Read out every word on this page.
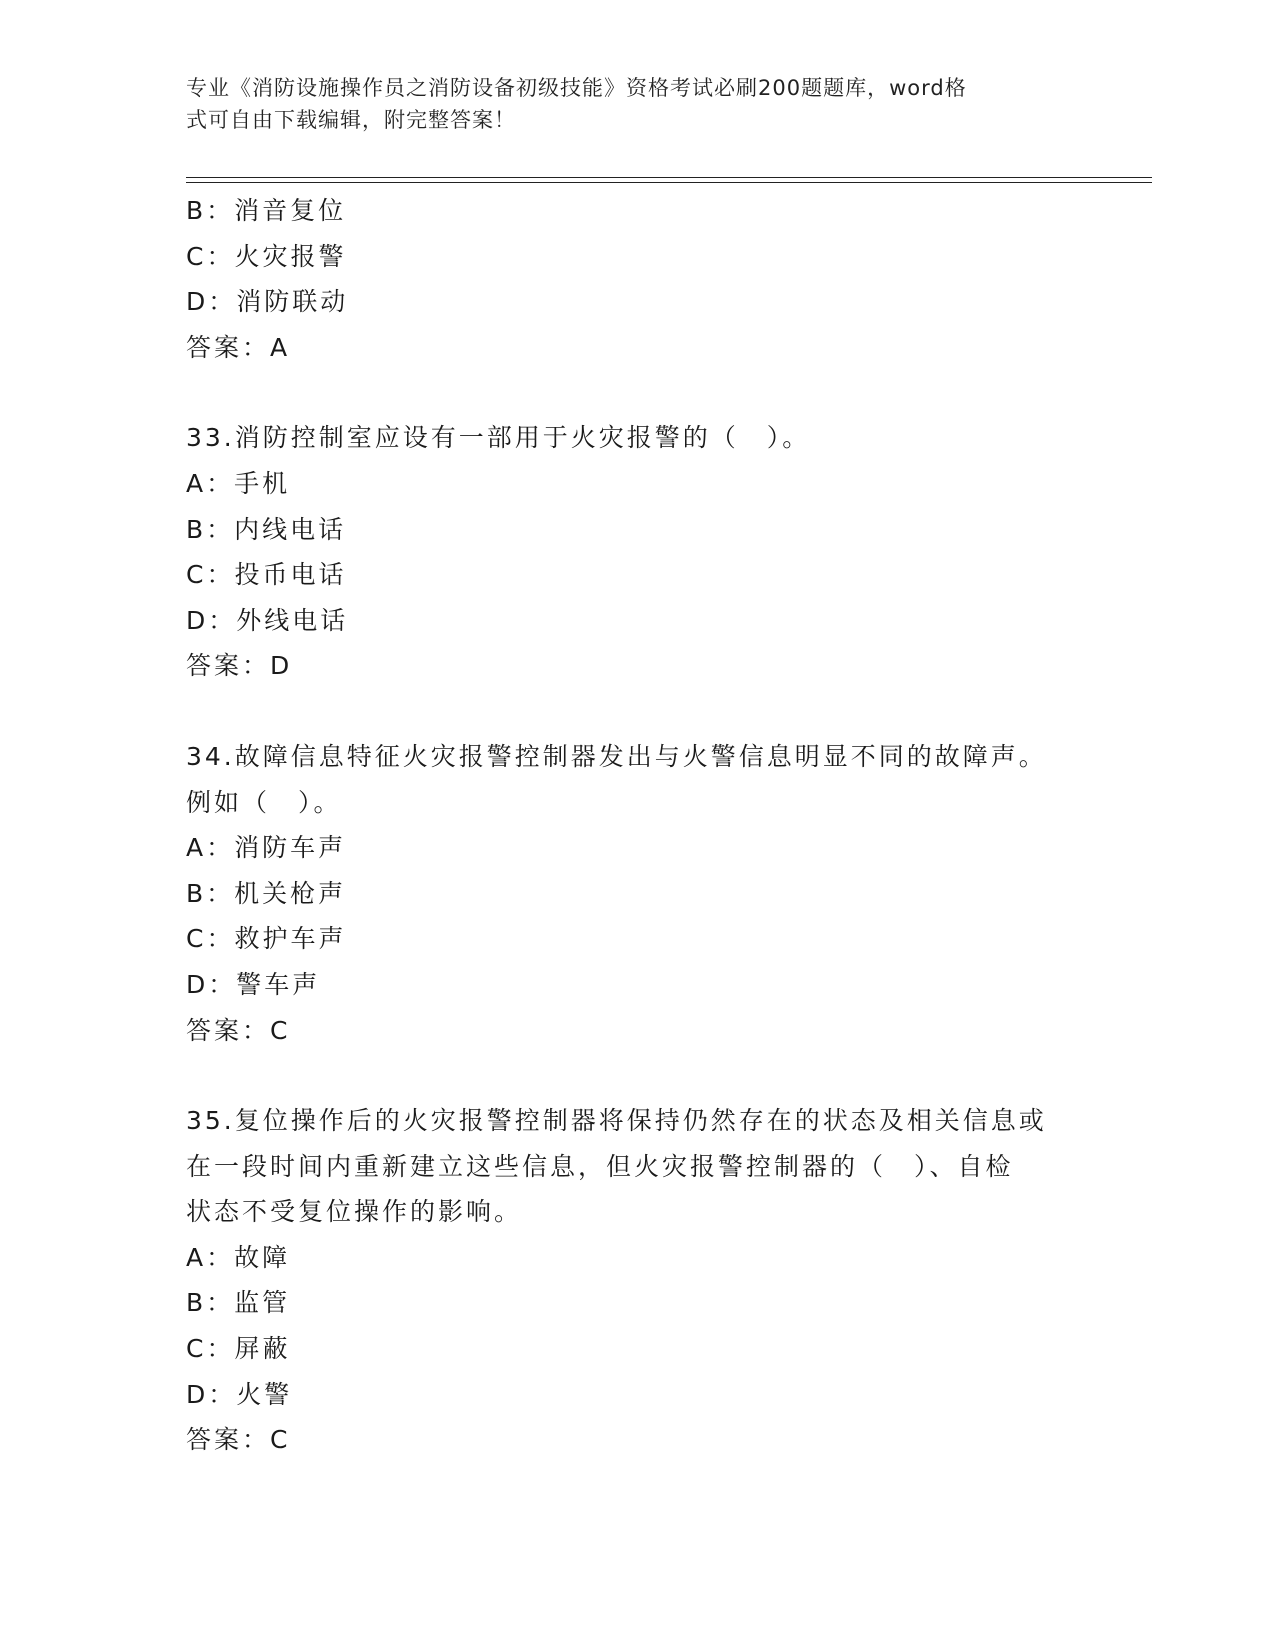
专业《消防设施操作员之消防设备初级技能》资格考试必刷200题题库，word格
式可自由下载编辑，附完整答案！
B：消音复位
C：火灾报警
D：消防联动
答案：A
33.消防控制室应设有一部用于火灾报警的（　）。
A：手机
B：内线电话
C：投币电话
D：外线电话
答案：D
34.故障信息特征火灾报警控制器发出与火警信息明显不同的故障声。
例如（　）。
A：消防车声
B：机关枪声
C：救护车声
D：警车声
答案：C
35.复位操作后的火灾报警控制器将保持仍然存在的状态及相关信息或
在一段时间内重新建立这些信息，但火灾报警控制器的（　）、自检
状态不受复位操作的影响。
A：故障
B：监管
C：屏蔽
D：火警
答案：C
